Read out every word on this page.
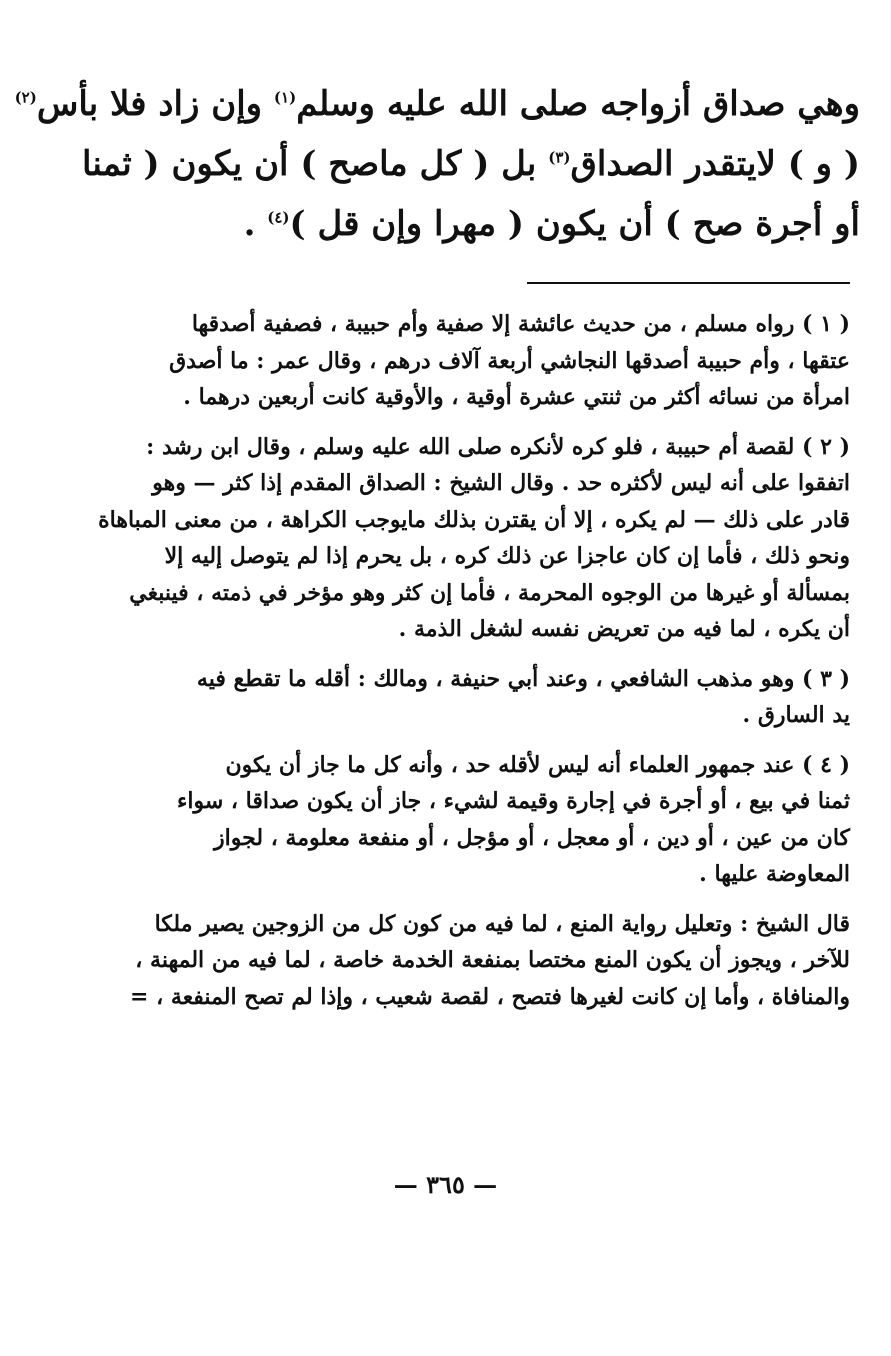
وهي صداق أزواجه صلى الله عليه وسلم$^{(١)}$ وإن زاد فلا بأس$^{(٢)}$
( و ) لايتقدر الصداق$^{(٣)}$ بل ( كل ماصح ) أن يكون ( ثمنا
أو أجرة صح ) أن يكون ( مهرا وإن قل )$^{(٤)}$ .
( ١ ) رواه مسلم ، من حديث عائشة إلا صفية وأم حبيبة ، فصفية أصدقها
عتقها ، وأم حبيبة أصدقها النجاشي أربعة آلاف درهم ، وقال عمر : ما أصدق
امرأة من نسائه أكثر من ثنتي عشرة أوقية ، والأوقية كانت أربعين درهما .
( ٢ ) لقصة أم حبيبة ، فلو كره لأنكره صلى الله عليه وسلم ، وقال ابن رشد :
اتفقوا على أنه ليس لأكثره حد . وقال الشيخ : الصداق المقدم إذا كثر — وهو
قادر على ذلك — لم يكره ، إلا أن يقترن بذلك مايوجب الكراهة ، من معنى المباهاة
ونحو ذلك ، فأما إن كان عاجزا عن ذلك كره ، بل يحرم إذا لم يتوصل إليه إلا
بمسألة أو غيرها من الوجوه المحرمة ، فأما إن كثر وهو مؤخر في ذمته ، فينبغي
أن يكره ، لما فيه من تعريض نفسه لشغل الذمة .
( ٣ ) وهو مذهب الشافعي ، وعند أبي حنيفة ، ومالك : أقله ما تقطع فيه
يد السارق .
( ٤ ) عند جمهور العلماء أنه ليس لأقله حد ، وأنه كل ما جاز أن يكون
ثمنا في بيع ، أو أجرة في إجارة وقيمة لشيء ، جاز أن يكون صداقا ، سواء
كان من عين ، أو دين ، أو معجل ، أو مؤجل ، أو منفعة معلومة ، لجواز
المعاوضة عليها .
قال الشيخ : وتعليل رواية المنع ، لما فيه من كون كل من الزوجين يصير ملكا
للآخر ، ويجوز أن يكون المنع مختصا بمنفعة الخدمة خاصة ، لما فيه من المهنة ،
والمنافاة ، وأما إن كانت لغيرها فتصح ، لقصة شعيب ، وإذا لم تصح المنفعة ، =
— ٣٦٥ —
